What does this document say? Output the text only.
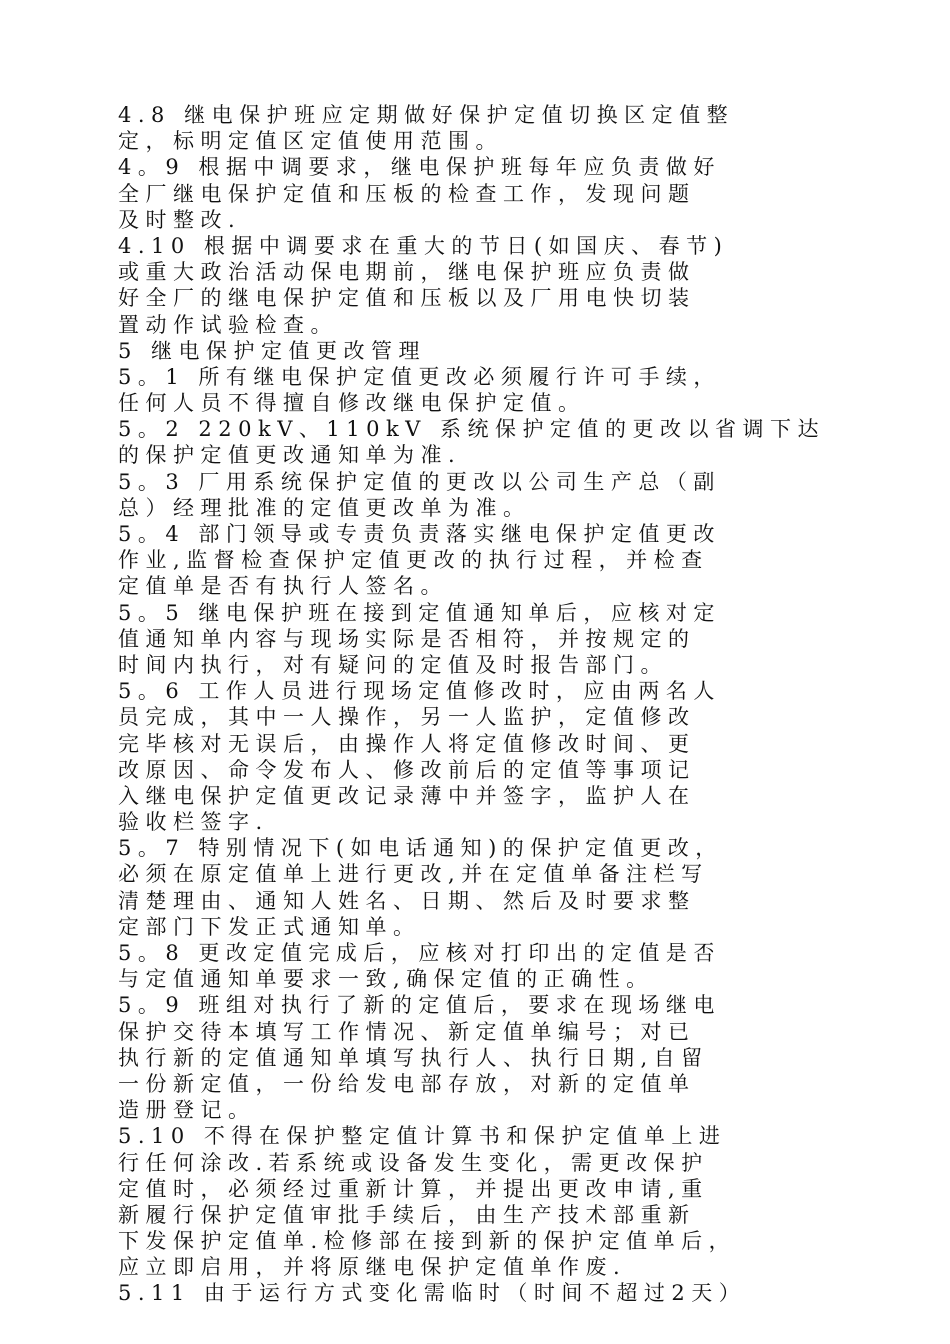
4.8 继电保护班应定期做好保护定值切换区定值整
定，标明定值区定值使用范围。
4。9 根据中调要求，继电保护班每年应负责做好
全厂继电保护定值和压板的检查工作，发现问题
及时整改.
4.10 根据中调要求在重大的节日(如国庆、春节)
或重大政治活动保电期前，继电保护班应负责做
好全厂的继电保护定值和压板以及厂用电快切装
置动作试验检查。
5 继电保护定值更改管理
5。1 所有继电保护定值更改必须履行许可手续，
任何人员不得擅自修改继电保护定值。
5。2 220kV、110kV 系统保护定值的更改以省调下达
的保护定值更改通知单为准.
5。3 厂用系统保护定值的更改以公司生产总（副
总）经理批准的定值更改单为准。
5。4 部门领导或专责负责落实继电保护定值更改
作业,监督检查保护定值更改的执行过程，并检查
定值单是否有执行人签名。
5。5 继电保护班在接到定值通知单后，应核对定
值通知单内容与现场实际是否相符，并按规定的
时间内执行，对有疑问的定值及时报告部门。
5。6 工作人员进行现场定值修改时，应由两名人
员完成，其中一人操作，另一人监护，定值修改
完毕核对无误后，由操作人将定值修改时间、更
改原因、命令发布人、修改前后的定值等事项记
入继电保护定值更改记录薄中并签字，监护人在
验收栏签字.
5。7 特别情况下(如电话通知)的保护定值更改，
必须在原定值单上进行更改,并在定值单备注栏写
清楚理由、通知人姓名、日期、然后及时要求整
定部门下发正式通知单。
5。8 更改定值完成后，应核对打印出的定值是否
与定值通知单要求一致,确保定值的正确性。
5。9 班组对执行了新的定值后，要求在现场继电
保护交待本填写工作情况、新定值单编号；对已
执行新的定值通知单填写执行人、执行日期,自留
一份新定值，一份给发电部存放，对新的定值单
造册登记。
5.10 不得在保护整定值计算书和保护定值单上进
行任何涂改.若系统或设备发生变化，需更改保护
定值时，必须经过重新计算，并提出更改申请,重
新履行保护定值审批手续后，由生产技术部重新
下发保护定值单.检修部在接到新的保护定值单后，
应立即启用，并将原继电保护定值单作废.
5.11 由于运行方式变化需临时（时间不超过2天）
